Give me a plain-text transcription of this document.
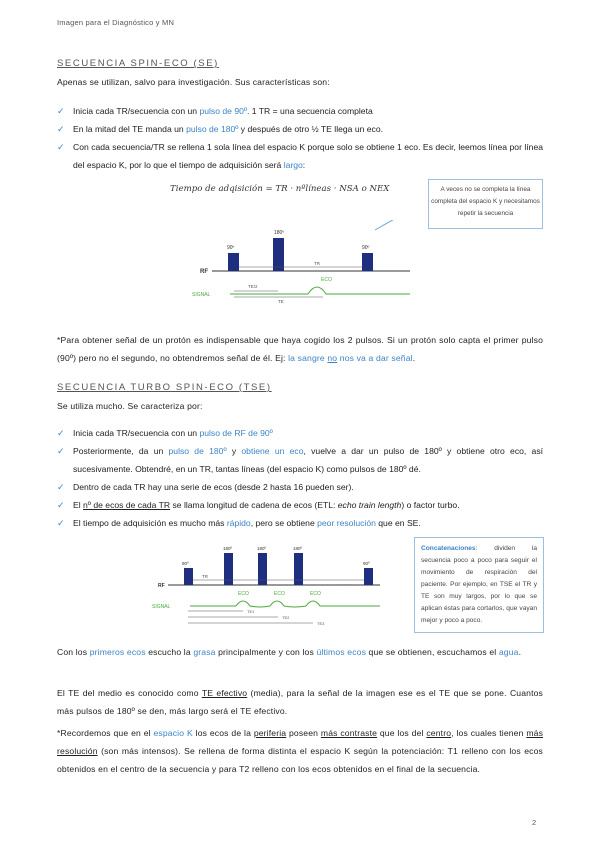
Imagen para el Diagnóstico y MN
SECUENCIA SPIN-ECO (SE)
Apenas se utilizan, salvo para investigación. Sus características son:
✓ Inicia cada TR/secuencia con un pulso de 90º. 1 TR = una secuencia completa
✓ En la mitad del TE manda un pulso de 180º y después de otro ½ TE llega un eco.
✓ Con cada secuencia/TR se rellena 1 sola línea del espacio K porque solo se obtiene 1 eco. Es decir, leemos línea por línea del espacio K, por lo que el tiempo de adquisición será largo:
Tiempo de adqisición = TR · nºlíneas · NSA o NEX	A veces no se completa la línea completa del espacio K y necesitamos repetir la secuencia
90º
180º
90º
RF
TR
ECO
SIGNAL
TE/2
TE
*Para obtener señal de un protón es indispensable que haya cogido los 2 pulsos. Si un protón solo capta el primer pulso (90º) pero no el segundo, no obtendremos señal de él. Ej: la sangre no nos va a dar señal.
SECUENCIA TURBO SPIN-ECO (TSE)
Se utiliza mucho. Se caracteriza por:
✓ Inicia cada TR/secuencia con un pulso de RF de 90º
✓ Posteriormente, da un pulso de 180º y obtiene un eco, vuelve a dar un pulso de 180º y obtiene otro eco, así sucesivamente. Obtendré, en un TR, tantas líneas (del espacio K) como pulsos de 180º dé.
✓ Dentro de cada TR hay una serie de ecos (desde 2 hasta 16 pueden ser).
✓ El nº de ecos de cada TR se llama longitud de cadena de ecos (ETL: echo train length) o factor turbo.
✓ El tiempo de adquisición es mucho más rápido, pero se obtiene peor resolución que en SE.
Concatenaciones: dividen la secuencia poco a poco para seguir el movimiento de respiración del paciente. Por ejemplo, en TSE el TR y TE son muy largos, por lo que se aplican éstas para cortarlos, que vayan mejor y poco a poco.
90º
180º	180º	180º
90º
RF
TR
- - -
ECO	ECO	ECO
SIGNAL
TE1
TE2
TE3
Con los primeros ecos escucho la grasa principalmente y con los últimos ecos que se obtienen, escuchamos el agua.
El TE del medio es conocido como TE efectivo (media), para la señal de la imagen ese es el TE que se pone. Cuantos más pulsos de 180º se den, más largo será el TE efectivo.
*Recordemos que en el espacio K los ecos de la periferia poseen más contraste que los del centro, los cuales tienen más resolución (son más intensos). Se rellena de forma distinta el espacio K según la potenciación: T1 relleno con los ecos obtenidos en el centro de la secuencia y para T2 relleno con los ecos obtenidos en el final de la secuencia.
2
